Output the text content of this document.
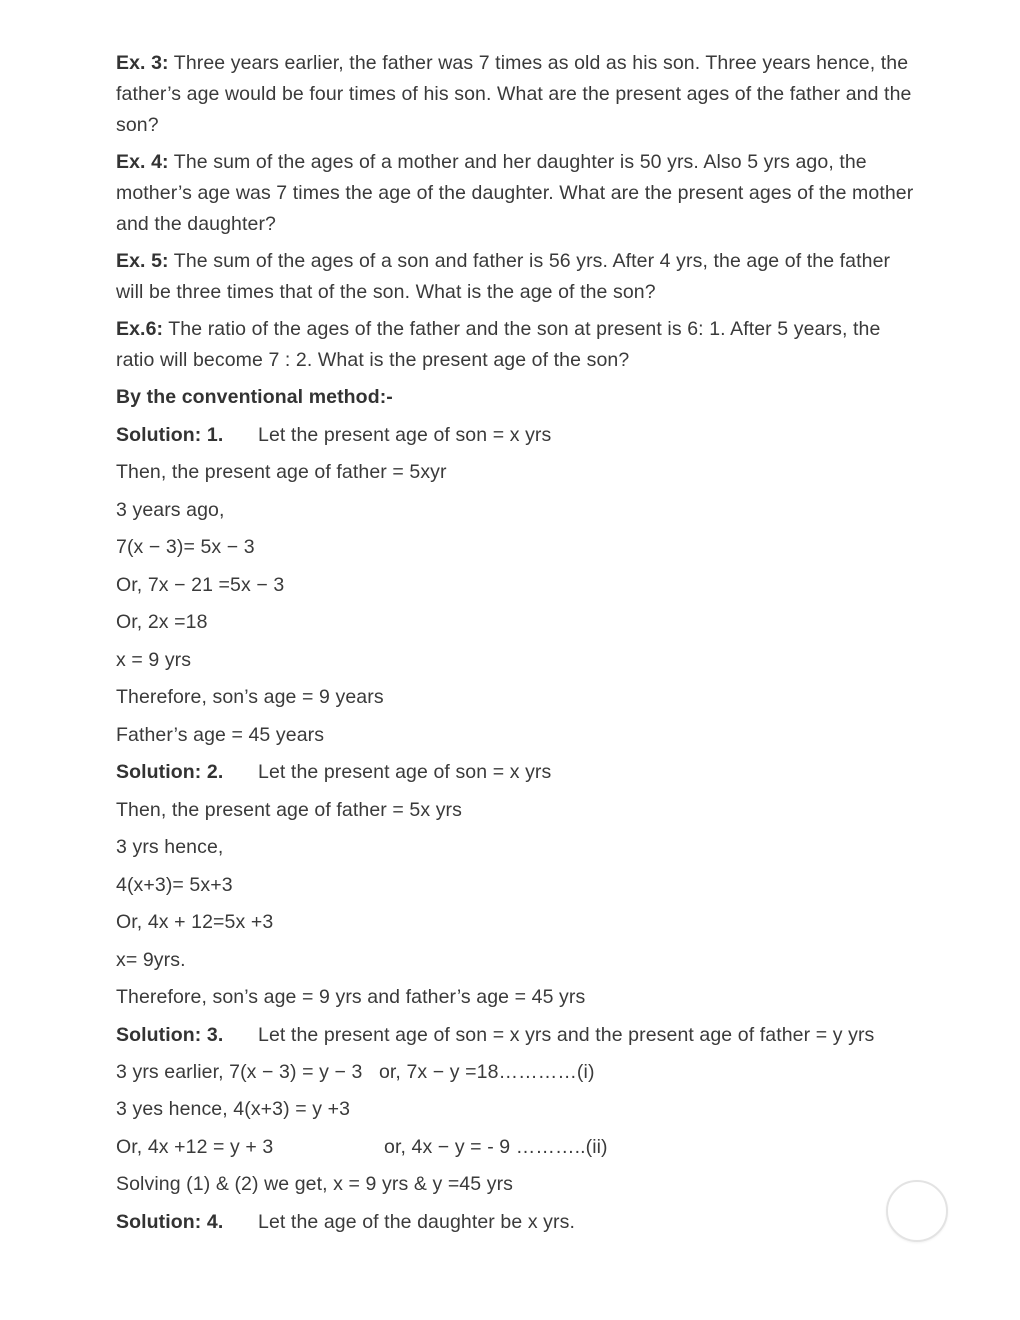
Ex. 3: Three years earlier, the father was 7 times as old as his son. Three years hence, the father’s age would be four times of his son. What are the present ages of the father and the son?

Ex. 4: The sum of the ages of a mother and her daughter is 50 yrs. Also 5 yrs ago, the mother’s age was 7 times the age of the daughter. What are the present ages of the mother and the daughter?

Ex. 5: The sum of the ages of a son and father is 56 yrs. After 4 yrs, the age of the father will be three times that of the son. What is the age of the son?

Ex.6: The ratio of the ages of the father and the son at present is 6: 1. After 5 years, the ratio will become 7 : 2. What is the present age of the son?

By the conventional method:-

Solution: 1. Let the present age of son = x yrs

Then, the present age of father = 5xyr

3 years ago,

7(x − 3)= 5x − 3

Or, 7x − 21 =5x − 3

Or, 2x =18

x = 9 yrs

Therefore, son’s age = 9 years

Father’s age = 45 years

Solution: 2. Let the present age of son = x yrs

Then, the present age of father = 5x yrs

3 yrs hence,

4(x+3)= 5x+3

Or, 4x + 12=5x +3

x= 9yrs.

Therefore, son’s age = 9 yrs and father’s age = 45 yrs

Solution: 3. Let the present age of son = x yrs and the present age of father = y yrs

3 yrs earlier, 7(x − 3) = y − 3   or, 7x − y =18…………(i)

3 yes hence, 4(x+3) = y +3

Or, 4x +12 = y + 3	or, 4x − y = - 9 ………..(ii)

Solving (1) & (2) we get, x = 9 yrs & y =45 yrs

Solution: 4. Let the age of the daughter be x yrs.
